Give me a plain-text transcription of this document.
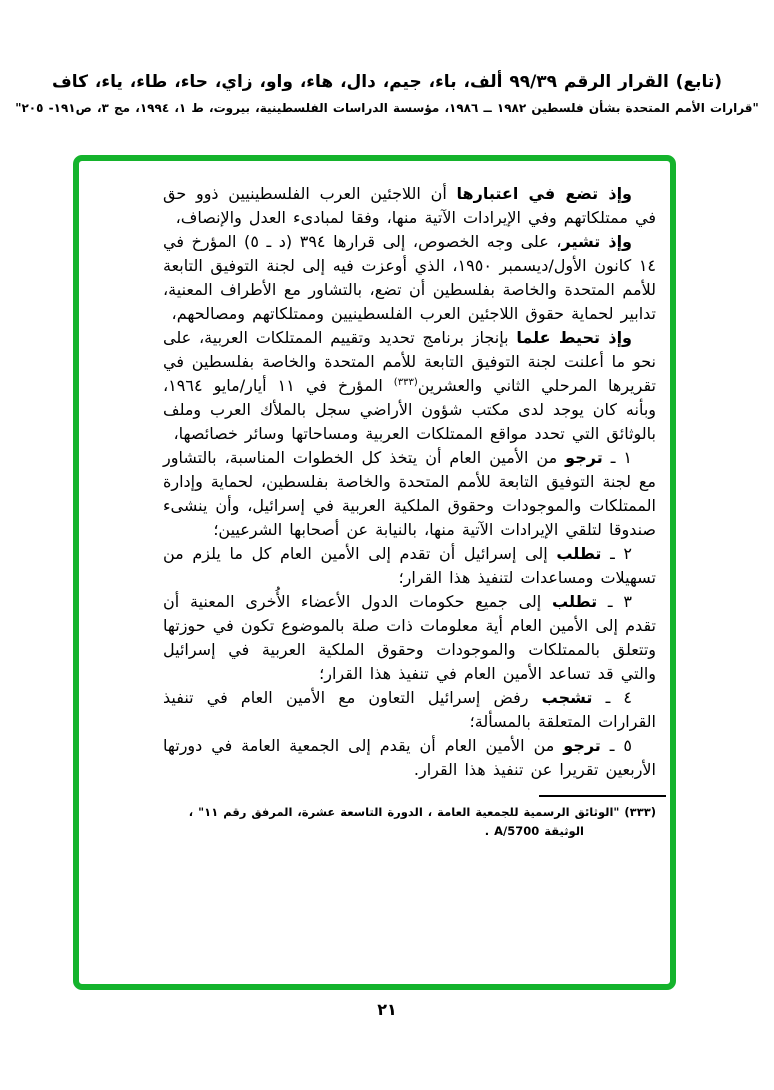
(تابع) القرار الرقم ٩٩/٣٩ ألف، باء، جيم، دال، هاء، واو، زاي، حاء، طاء، ياء، كاف
"قرارات الأمم المتحدة بشأن فلسطين ١٩٨٢ ــ ١٩٨٦، مؤسسة الدراسات الفلسطينية، بيروت، ط ١، ١٩٩٤، مج ٣، ص١٩١- ٢٠٥"

وإذ تضع في اعتبارها أن اللاجئين العرب الفلسطينيين ذوو حق في ممتلكاتهم وفي الإيرادات الآتية منها، وفقا لمبادىء العدل والإنصاف،

وإذ تشير، على وجه الخصوص، إلى قرارها ٣٩٤ (د ـ ٥) المؤرخ في ١٤ كانون الأول/ديسمبر ١٩٥٠، الذي أوعزت فيه إلى لجنة التوفيق التابعة للأمم المتحدة والخاصة بفلسطين أن تضع، بالتشاور مع الأطراف المعنية، تدابير لحماية حقوق اللاجئين العرب الفلسطينيين وممتلكاتهم ومصالحهم،

وإذ تحيط علما بإنجاز برنامج تحديد وتقييم الممتلكات العربية، على نحو ما أعلنت لجنة التوفيق التابعة للأمم المتحدة والخاصة بفلسطين في تقريرها المرحلي الثاني والعشرين$^{(٣٣٣)}$ المؤرخ في ١١ أيار/مايو ١٩٦٤، وبأنه كان يوجد لدى مكتب شؤون الأراضي سجل بالملأك العرب وملف بالوثائق التي تحدد مواقع الممتلكات العربية ومساحاتها وسائر خصائصها،

١ ـ ترجو من الأمين العام أن يتخذ كل الخطوات المناسبة، بالتشاور مع لجنة التوفيق التابعة للأمم المتحدة والخاصة بفلسطين، لحماية وإدارة الممتلكات والموجودات وحقوق الملكية العربية في إسرائيل، وأن ينشىء صندوقا لتلقي الإيرادات الآتية منها، بالنيابة عن أصحابها الشرعيين؛

٢ ـ تطلب إلى إسرائيل أن تقدم إلى الأمين العام كل ما يلزم من تسهيلات ومساعدات لتنفيذ هذا القرار؛

٣ ـ تطلب إلى جميع حكومات الدول الأعضاء الأُخرى المعنية أن تقدم إلى الأمين العام أية معلومات ذات صلة بالموضوع تكون في حوزتها وتتعلق بالممتلكات والموجودات وحقوق الملكية العربية في إسرائيل والتي قد تساعد الأمين العام في تنفيذ هذا القرار؛

٤ ـ تشجب رفض إسرائيل التعاون مع الأمين العام في تنفيذ القرارات المتعلقة بالمسألة؛

٥ ـ ترجو من الأمين العام أن يقدم إلى الجمعية العامة في دورتها الأربعين تقريرا عن تنفيذ هذا القرار.

(٣٣٣) "الوثائق الرسمية للجمعية العامة ، الدورة التاسعة عشرة، المرفق رقم ١١" ،
الوثيقة A/5700 .
٢١
